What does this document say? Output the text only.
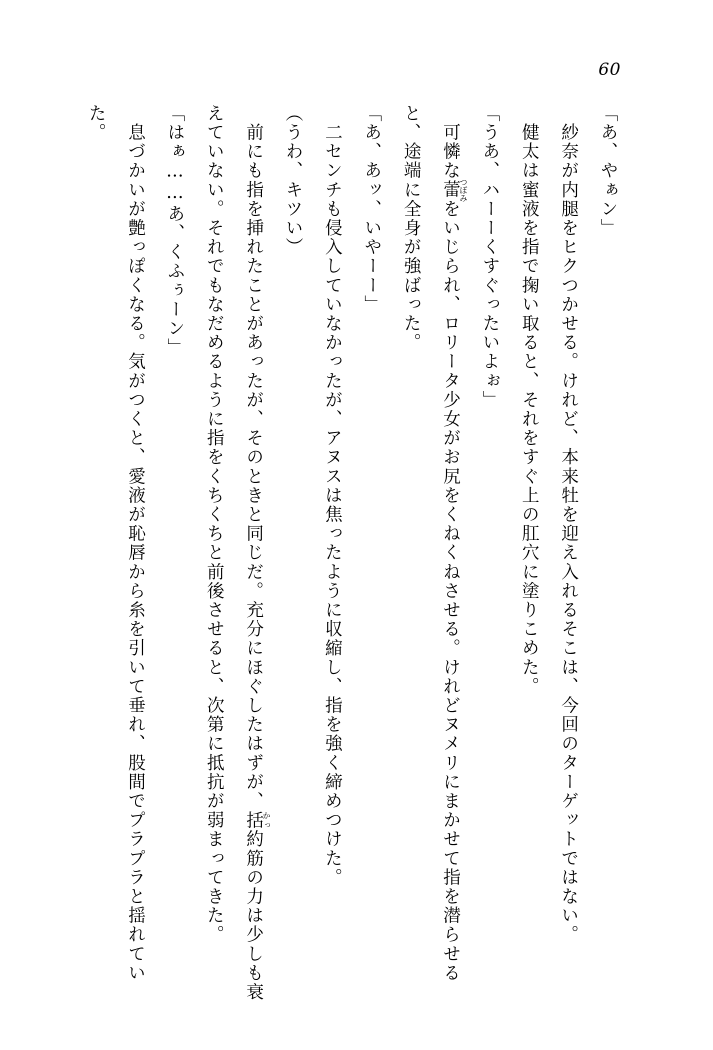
60
「あ、やぁン」
　紗奈が内腿をヒクつかせる。けれど、本来牡を迎え入れるそこは、今回のターゲットではない。
　健太は蜜液を指で掬い取ると、それをすぐ上の肛穴に塗りこめた。
「うあ、ハーーくすぐったいよぉ」
　可憐な蕾つぼみをいじられ、ロリータ少女がお尻をくねくねさせる。けれどヌメリにまかせて指を潜らせると、途端に全身が強ばった。
「あ、あッ、いやーー」
　二センチも侵入していなかったが、アヌスは焦ったように収縮し、指を強く締めつけた。
（うわ、キツい）
　前にも指を挿れたことがあったが、そのときと同じだ。充分にほぐしたはずが、括かっ約筋の力は少しも衰えていない。それでもなだめるように指をくちくちと前後させると、次第に抵抗が弱まってきた。
「はぁ……あ、くふぅーン」
　息づかいが艶っぽくなる。気がつくと、愛液が恥唇から糸を引いて垂れ、股間でプラプラと揺れていた。
